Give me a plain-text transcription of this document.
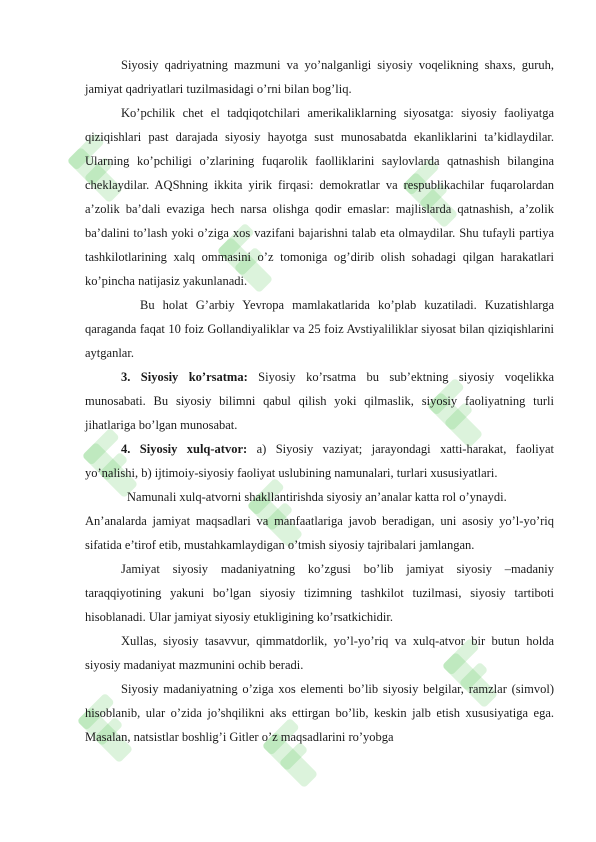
Siyosiy qadriyatning mazmuni va yo’nalganligi siyosiy voqelikning shaxs, guruh, jamiyat qadriyatlari tuzilmasidagi o’rni bilan bog’liq.

Ko’pchilik chet el tadqiqotchilari amerikaliklarning siyosatga: siyosiy faoliyatga qiziqishlari past darajada siyosiy hayotga sust munosabatda ekanliklarini ta’kidlaydilar. Ularning ko’pchiligi o’zlarining fuqarolik faolliklarini saylovlarda qatnashish bilangina cheklaydilar. AQShning ikkita yirik firqasi: demokratlar va respublikachilar fuqarolardan a’zolik ba’dali evaziga hech narsa olishga qodir emaslar: majlislarda qatnashish, a’zolik ba’dalini to’lash yoki o’ziga xos vazifani bajarishni talab eta olmaydilar. Shu tufayli partiya tashkilotlarining xalq ommasini o’z tomoniga og’dirib olish sohadagi qilgan harakatlari ko’pincha natijasiz yakunlanadi.

Bu holat G’arbiy Yevropa mamlakatlarida ko’plab kuzatiladi. Kuzatishlarga qaraganda faqat 10 foiz Gollandiyaliklar va 25 foiz Avstiyaliliklar siyosat bilan qiziqishlarini aytganlar.

3. Siyosiy ko’rsatma: Siyosiy ko’rsatma bu sub’ektning siyosiy voqelikka munosabati. Bu siyosiy bilimni qabul qilish yoki qilmaslik, siyosiy faoliyatning turli jihatlariga bo’lgan munosabat.

4. Siyosiy xulq-atvor: a) Siyosiy vaziyat; jarayondagi xatti-harakat, faoliyat yo’nalishi, b) ijtimoiy-siyosiy faoliyat uslubining namunalari, turlari xususiyatlari.

Namunali xulq-atvorni shakllantirishda siyosiy an’analar katta rol o’ynaydi.

An’analarda jamiyat maqsadlari va manfaatlariga javob beradigan, uni asosiy yo’l-yo’riq sifatida e’tirof etib, mustahkamlaydigan o’tmish siyosiy tajribalari jamlangan.

Jamiyat siyosiy madaniyatning ko’zgusi bo’lib jamiyat siyosiy –madaniy taraqqiyotining yakuni bo’lgan siyosiy tizimning tashkilot tuzilmasi, siyosiy tartiboti hisoblanadi. Ular jamiyat siyosiy etukligining ko’rsatkichidir.

Xullas, siyosiy tasavvur, qimmatdorlik, yo’l-yo’riq va xulq-atvor bir butun holda siyosiy madaniyat mazmunini ochib beradi.

Siyosiy madaniyatning o’ziga xos elementi bo’lib siyosiy belgilar, ramzlar (simvol) hisoblanib, ular o’zida jo’shqilikni aks ettirgan bo’lib, keskin jalb etish xususiyatiga ega. Masalan, natsistlar boshlig’i Gitler o’z maqsadlarini ro’yobga
